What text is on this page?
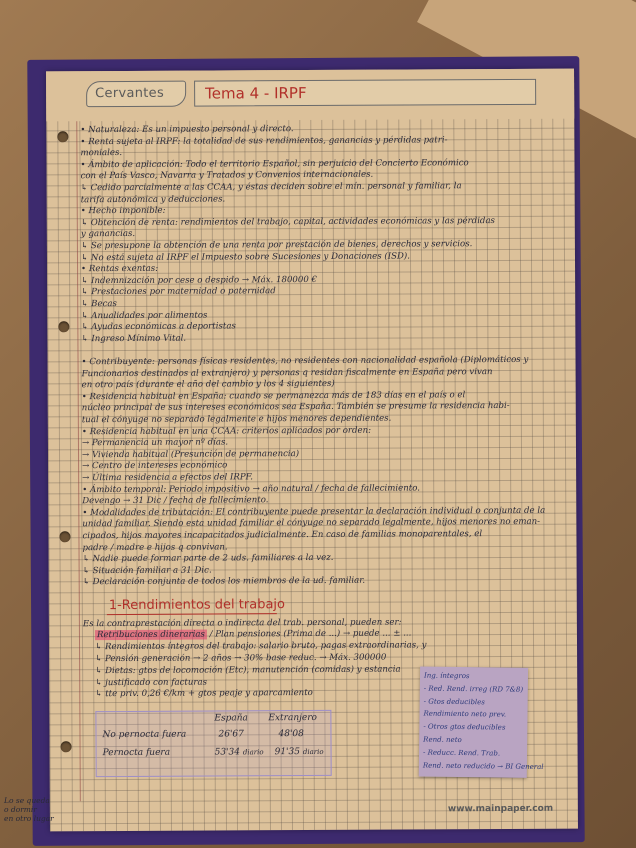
Cervantes	Tema 4 - IRPF
• Naturaleza: Es un impuesto personal y directo.
• Renta sujeta al IRPF: la totalidad de sus rendimientos, ganancias y pérdidas patri-
moniales.
• Ámbito de aplicación: Todo el territorio Español, sin perjuicio del Concierto Económico
con el País Vasco, Navarra y Tratados y Convenios internacionales.
↳ Cedido parcialmente a las CCAA, y éstas deciden sobre el mín. personal y familiar, la
tarifa autonómica y deducciones.
• Hecho imponible:
↳ Obtención de renta: rendimientos del trabajo, capital, actividades económicas y las pérdidas
y ganancias.
↳ Se presupone la obtención de una renta por prestación de bienes, derechos y servicios.
↳ No está sujeta al IRPF el Impuesto sobre Sucesiones y Donaciones (ISD).
• Rentas exentas:
↳ Indemnización por cese o despido → Máx. 180000 €
↳ Prestaciones por maternidad o paternidad
↳ Becas
↳ Anualidades por alimentos
↳ Ayudas económicas a deportistas
↳ Ingreso Mínimo Vital.
• Contribuyente: personas físicas residentes, no residentes con nacionalidad española (Diplomáticos y
Funcionarios destinados al extranjero) y personas q residan fiscalmente en España pero vivan
en otro país (durante el año del cambio y los 4 siguientes)
• Residencia habitual en España: cuando se permanezca más de 183 días en el país o el
núcleo principal de sus intereses económicos sea España. También se presume la residencia habi-
tual el cónyuge no separado legalmente e hijos menores dependientes.
• Residencia habitual en una CCAA: criterios aplicados por orden:
→ Permanencia un mayor nº días.
→ Vivienda habitual (Presunción de permanencia)
→ Centro de intereses económico
→ Última residencia a efectos del IRPF.
• Ámbito temporal: Periodo impositivo → año natural / fecha de fallecimiento.
Devengo → 31 Dic / fecha de fallecimiento.
• Modalidades de tributación: El contribuyente puede presentar la declaración individual o conjunta de la
unidad familiar. Siendo esta unidad familiar el cónyuge no separado legalmente, hijos menores no eman-
cipados, hijos mayores incapacitados judicialmente. En caso de familias monoparentales, el
padre / madre e hijos q convivan.
↳ Nadie puede formar parte de 2 uds. familiares a la vez.
↳ Situación familiar a 31 Dic.
↳ Declaración conjunta de todos los miembros de la ud. familiar.
1-Rendimientos del trabajo
Es la contraprestación directa o indirecta del trab. personal, pueden ser:
Retribuciones dinerarias / Plan pensiones (Prima de ...) → puede ... ± ...
↳ Rendimientos íntegros del trabajo: salario bruto, pagas extraordinarias, y
↳ Pensión generación → 2 años → 30% base reduc. → Máx. 300000
↳ Dietas: gtos de locomoción (Etc), manutención (comidas) y estancia
↳ justificado con facturas
↳ tte priv. 0,26 €/km + gtos peaje y aparcamiento
España Extranjero
No pernocta fuera	26'67	48'08
Pernocta fuera	53'34 diario 91'35 diario
Ing. íntegros
- Red. Rend. irreg (RD 7&8)
- Gtos deducibles
Rendimiento neto prev.
- Otros gtos deducibles
Rend. neto
- Reducc. Rend. Trab.
Rend. neto reducido → BI General
www.mainpaper.com
Lo se queda
o dormir
en otro lugar
